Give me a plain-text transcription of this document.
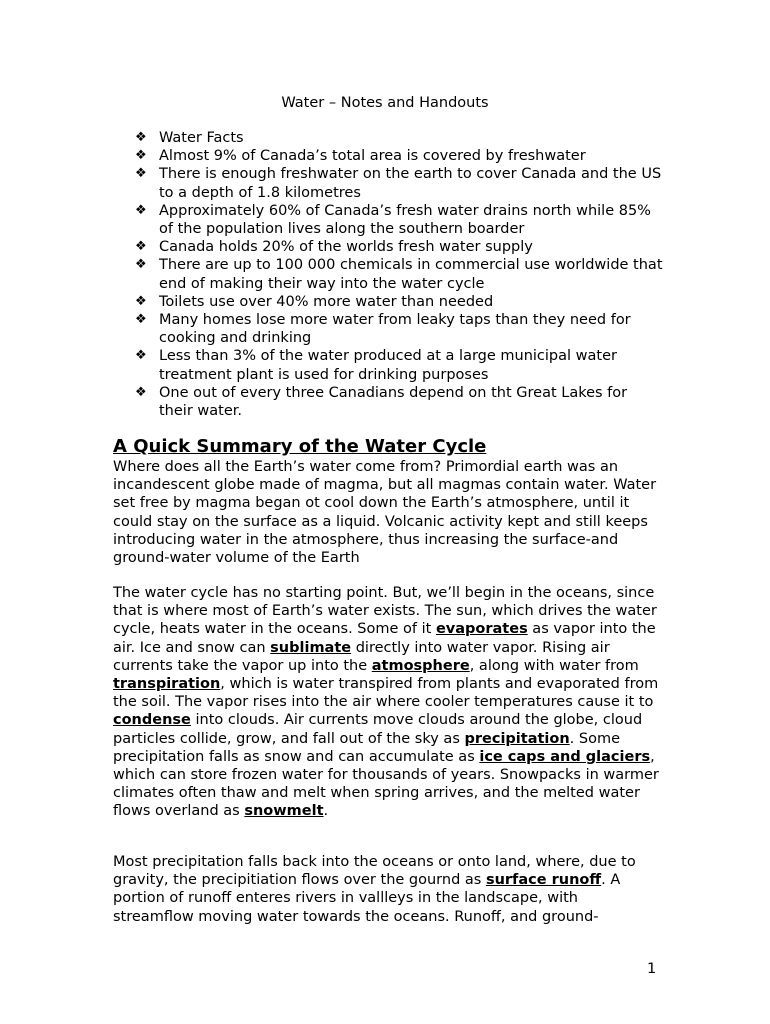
Water – Notes and Handouts
❖ Water Facts
❖ Almost 9% of Canada’s total area is covered by freshwater
❖ There is enough freshwater on the earth to cover Canada and the US to a depth of 1.8 kilometres
❖ Approximately 60% of Canada’s fresh water drains north while 85% of the population lives along the southern boarder
❖ Canada holds 20% of the worlds fresh water supply
❖ There are up to 100 000 chemicals in commercial use worldwide that end of making their way into the water cycle
❖ Toilets use over 40% more water than needed
❖ Many homes lose more water from leaky taps than they need for cooking and drinking
❖ Less than 3% of the water produced at a large municipal water treatment plant is used for drinking purposes
❖ One out of every three Canadians depend on tht Great Lakes for their water.
A Quick Summary of the Water Cycle

Where does all the Earth’s water come from? Primordial earth was an incandescent globe made of magma, but all magmas contain water. Water set free by magma began ot cool down the Earth’s atmosphere, until it could stay on the surface as a liquid. Volcanic activity kept and still keeps introducing water in the atmosphere, thus increasing the surface-and ground-water volume of the Earth

The water cycle has no starting point. But, we’ll begin in the oceans, since that is where most of Earth’s water exists. The sun, which drives the water cycle, heats water in the oceans. Some of it evaporates as vapor into the air. Ice and snow can sublimate directly into water vapor. Rising air currents take the vapor up into the atmosphere, along with water from transpiration, which is water transpired from plants and evaporated from the soil. The vapor rises into the air where cooler temperatures cause it to condense into clouds. Air currents move clouds around the globe, cloud particles collide, grow, and fall out of the sky as precipitation. Some precipitation falls as snow and can accumulate as ice caps and glaciers, which can store frozen water for thousands of years. Snowpacks in warmer climates often thaw and melt when spring arrives, and the melted water flows overland as snowmelt.

Most precipitation falls back into the oceans or onto land, where, due to gravity, the precipitiation flows over the gournd as surface runoff. A portion of runoff enteres rivers in vallleys in the landscape, with streamflow moving water towards the oceans. Runoff, and ground-

1
